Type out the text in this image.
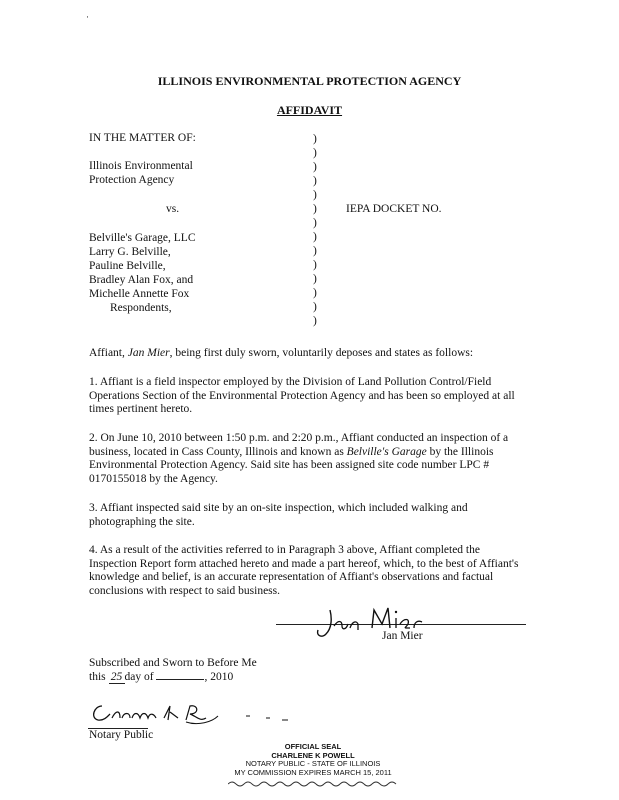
·
ILLINOIS ENVIRONMENTAL PROTECTION AGENCY
AFFIDAVIT
IN THE MATTER OF:
Illinois Environmental
Protection Agency
vs.	IEPA DOCKET NO.
Belville's Garage, LLC
Larry G. Belville,
Pauline Belville,
Bradley Alan Fox, and
Michelle Annette Fox
Respondents,
)
)
)
)
)
)
)
)
)
)
)
)
)
)
Affiant, Jan Mier, being first duly sworn, voluntarily deposes and states as follows:
1. Affiant is a field inspector employed by the Division of Land Pollution Control/Field Operations Section of the Environmental Protection Agency and has been so employed at all times pertinent hereto.
2. On June 10, 2010 between 1:50 p.m. and 2:20 p.m., Affiant conducted an inspection of a business, located in Cass County, Illinois and known as Belville's Garage by the Illinois Environmental Protection Agency. Said site has been assigned site code number LPC # 0170155018 by the Agency.
3. Affiant inspected said site by an on-site inspection, which included walking and photographing the site.
4. As a result of the activities referred to in Paragraph 3 above, Affiant completed the Inspection Report form attached hereto and made a part hereof, which, to the best of Affiant's knowledge and belief, is an accurate representation of Affiant's observations and factual conclusions with respect to said business.
Jan Mier
Subscribed and Sworn to Before Me
this 25 day of	, 2010
Notary Public
OFFICIAL SEAL
CHARLENE K POWELL
NOTARY PUBLIC - STATE OF ILLINOIS
MY COMMISSION EXPIRES MARCH 15, 2011
